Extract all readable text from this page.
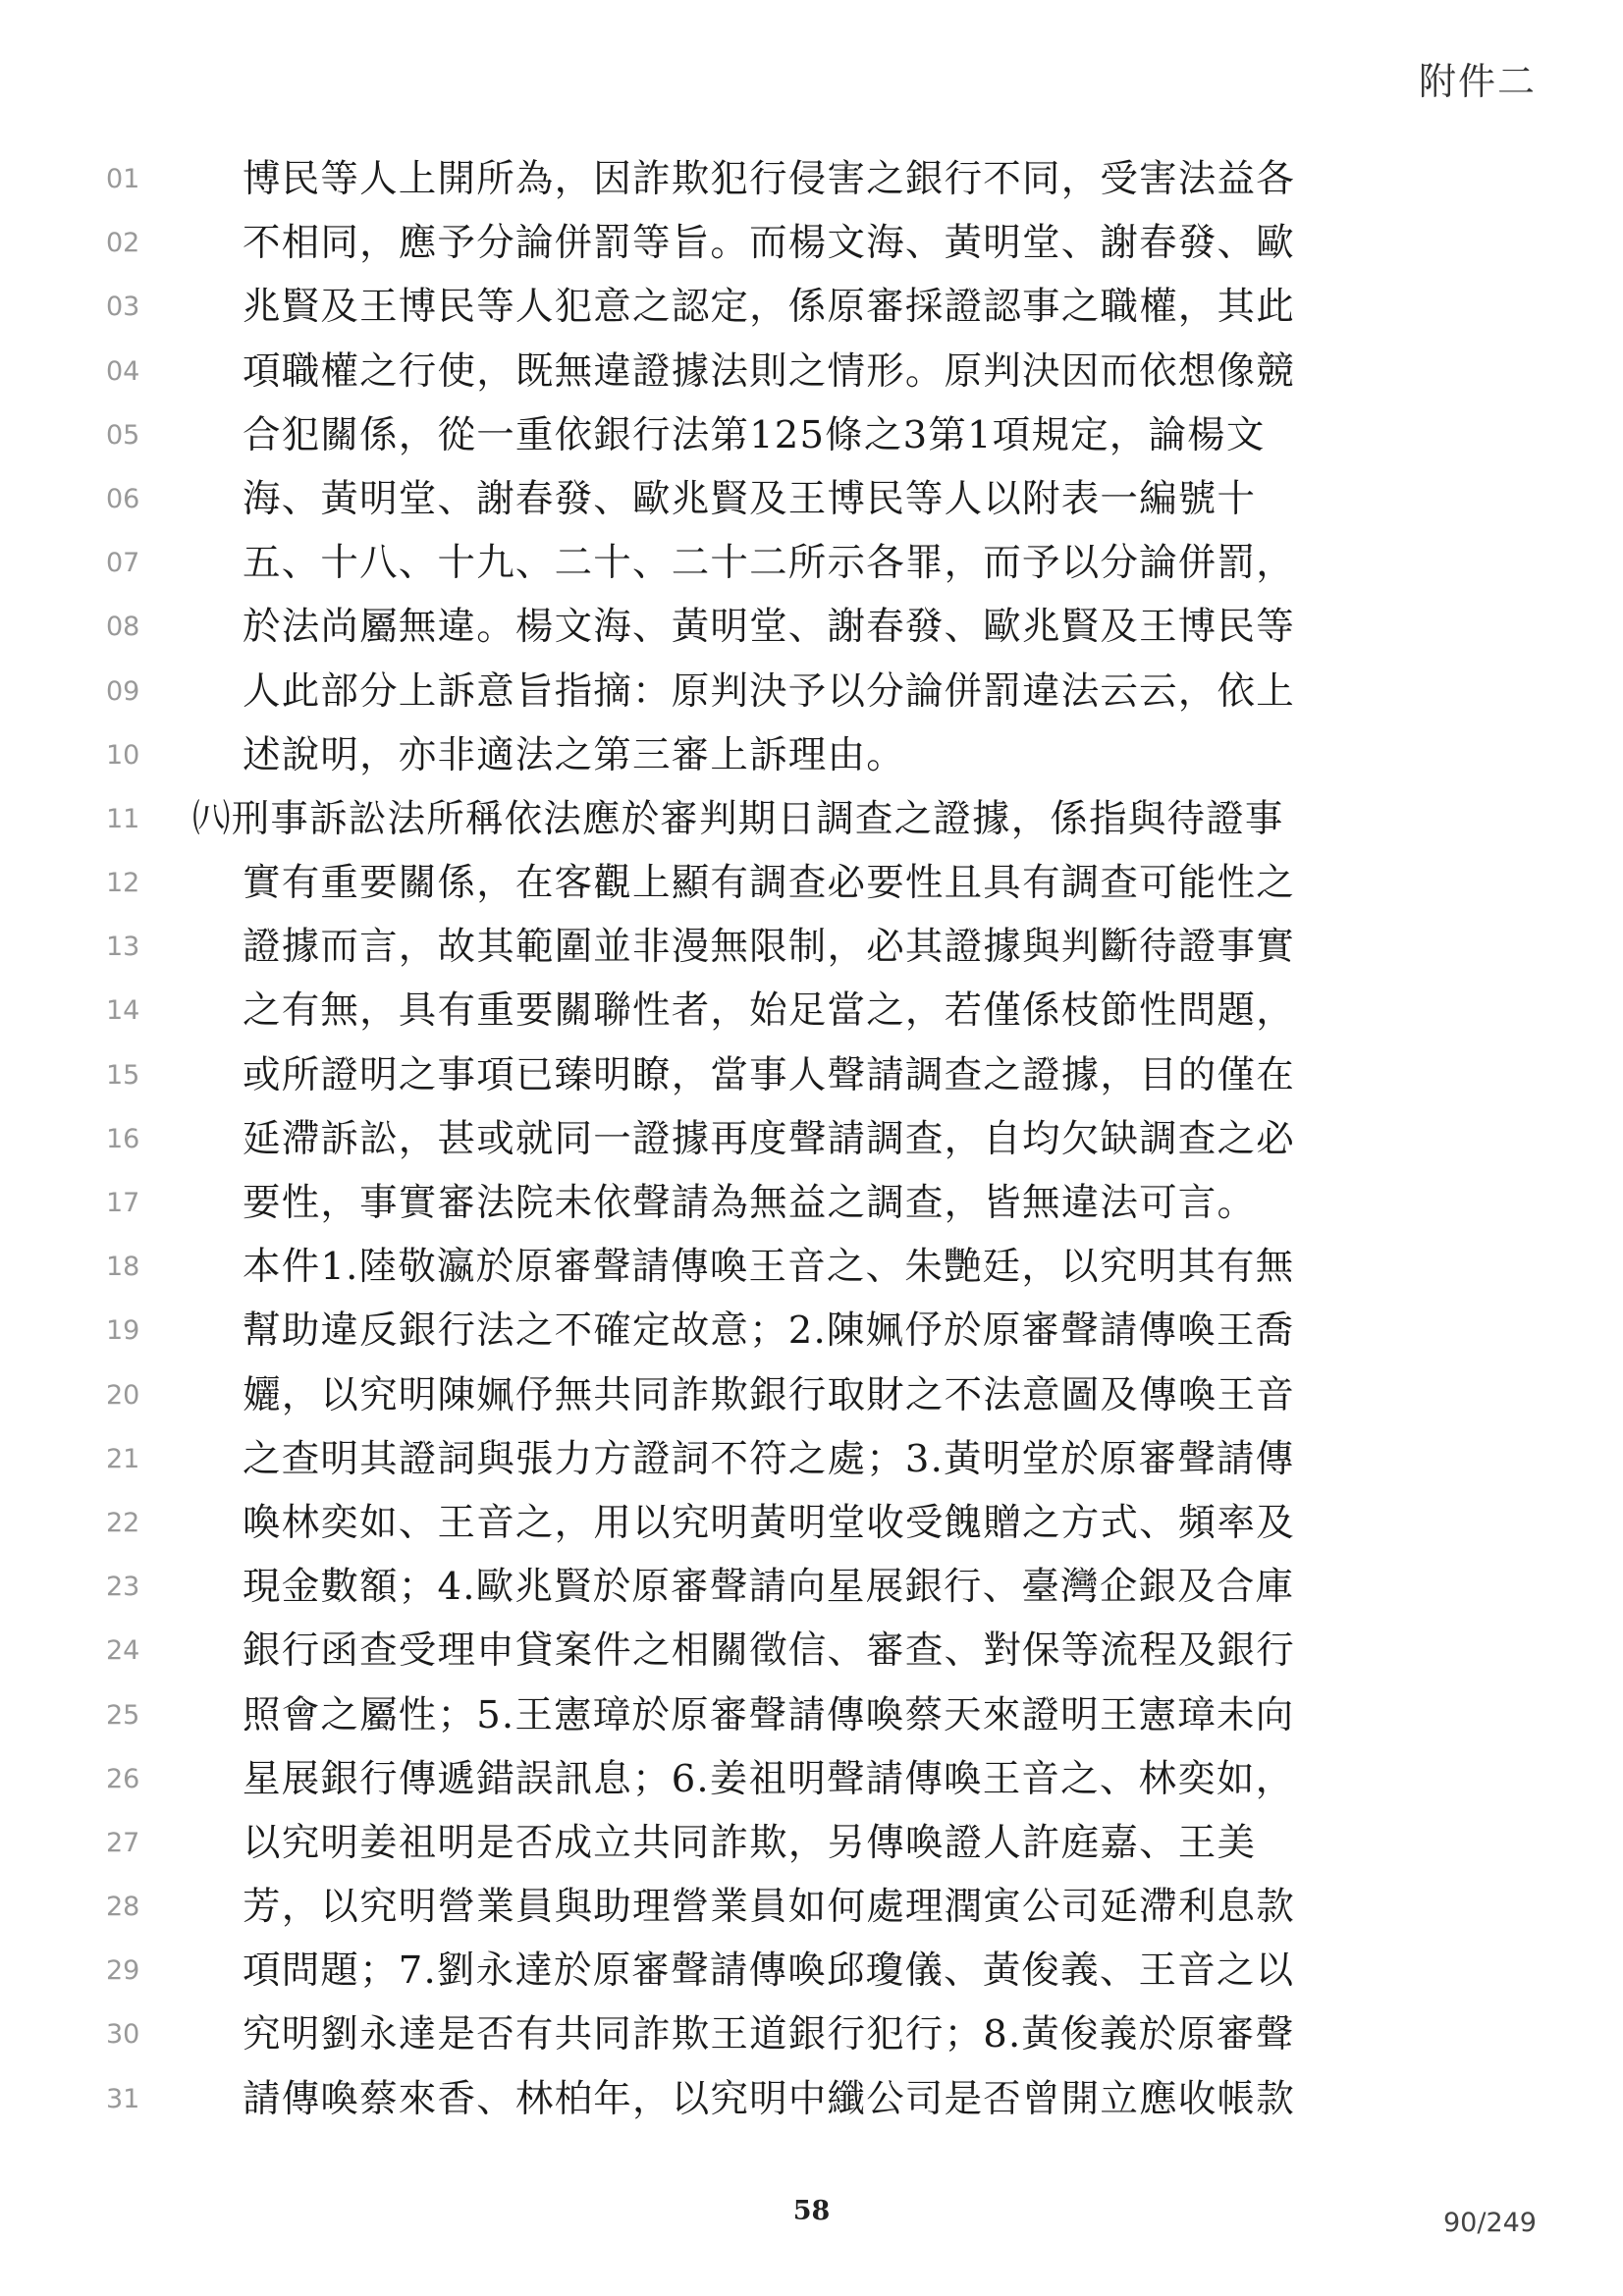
附件二
01	博民等人上開所為，因詐欺犯行侵害之銀行不同，受害法益各
02	不相同，應予分論併罰等旨。而楊文海、黃明堂、謝春發、歐
03	兆賢及王博民等人犯意之認定，係原審採證認事之職權，其此
04	項職權之行使，既無違證據法則之情形。原判決因而依想像競
05	合犯關係，從一重依銀行法第125條之3第1項規定，論楊文
06	海、黃明堂、謝春發、歐兆賢及王博民等人以附表一編號十
07	五、十八、十九、二十、二十二所示各罪，而予以分論併罰，
08	於法尚屬無違。楊文海、黃明堂、謝春發、歐兆賢及王博民等
09	人此部分上訴意旨指摘：原判決予以分論併罰違法云云，依上
10	述說明，亦非適法之第三審上訴理由。
11 ㈧刑事訴訟法所稱依法應於審判期日調查之證據，係指與待證事
12	實有重要關係，在客觀上顯有調查必要性且具有調查可能性之
13	證據而言，故其範圍並非漫無限制，必其證據與判斷待證事實
14	之有無，具有重要關聯性者，始足當之，若僅係枝節性問題，
15	或所證明之事項已臻明瞭，當事人聲請調查之證據，目的僅在
16	延滯訴訟，甚或就同一證據再度聲請調查，自均欠缺調查之必
17	要性，事實審法院未依聲請為無益之調查，皆無違法可言。
18	本件1.陸敬瀛於原審聲請傳喚王音之、朱艷廷，以究明其有無
19	幫助違反銀行法之不確定故意；2.陳姵伃於原審聲請傳喚王喬
20	孋，以究明陳姵伃無共同詐欺銀行取財之不法意圖及傳喚王音
21	之查明其證詞與張力方證詞不符之處；3.黃明堂於原審聲請傳
22	喚林奕如、王音之，用以究明黃明堂收受餽贈之方式、頻率及
23	現金數額；4.歐兆賢於原審聲請向星展銀行、臺灣企銀及合庫
24	銀行函查受理申貸案件之相關徵信、審查、對保等流程及銀行
25	照會之屬性；5.王憲璋於原審聲請傳喚蔡天來證明王憲璋未向
26	星展銀行傳遞錯誤訊息；6.姜祖明聲請傳喚王音之、林奕如，
27	以究明姜祖明是否成立共同詐欺，另傳喚證人許庭嘉、王美
28	芳，以究明營業員與助理營業員如何處理潤寅公司延滯利息款
29	項問題；7.劉永達於原審聲請傳喚邱瓊儀、黃俊義、王音之以
30	究明劉永達是否有共同詐欺王道銀行犯行；8.黃俊義於原審聲
31	請傳喚蔡來香、林柏年，以究明中纖公司是否曾開立應收帳款
58	90/249
